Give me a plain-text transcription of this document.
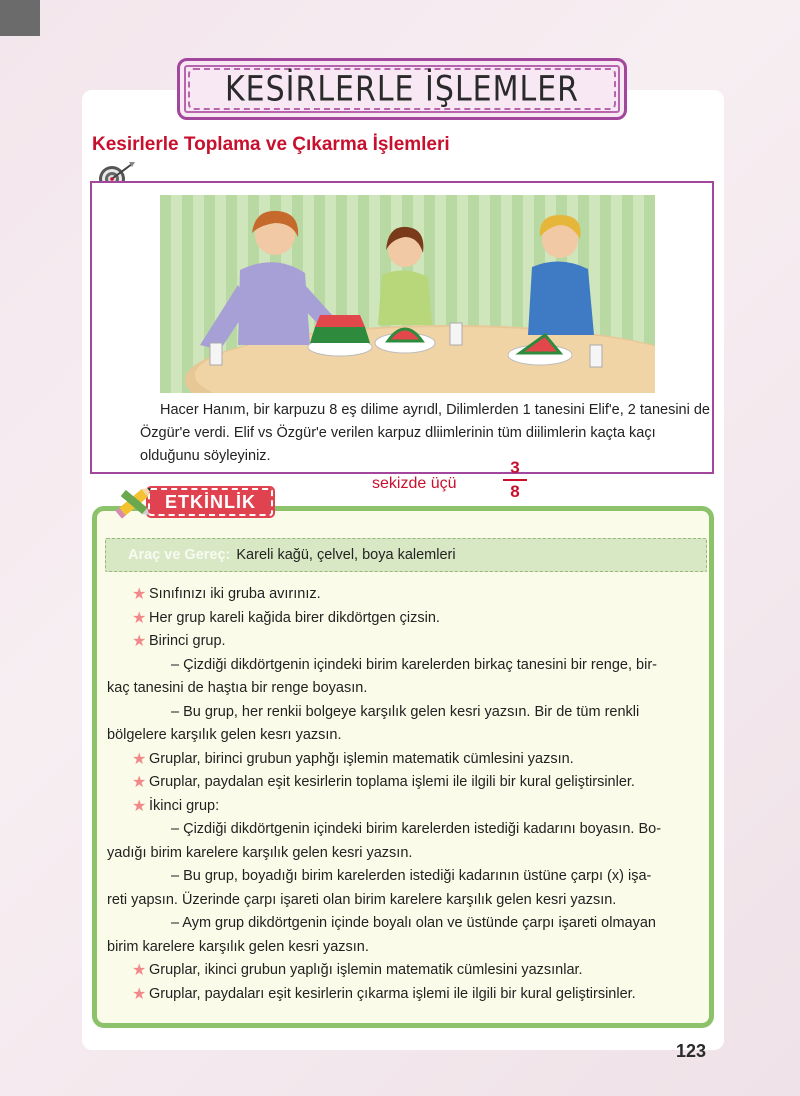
KESİRLERLE İŞLEMLER
Kesirlerle Toplama ve Çıkarma İşlemleri
Hacer Hanım, bir karpuzu 8 eş dilime ayrıdl, Dilimlerden 1 tanesini Elif'e, 2 tanesini de Özgür'e verdi. Elif vs Özgür'e verilen karpuz dliimlerinin tüm diilimlerin kaçta kaçı olduğunu söyleyiniz.
sekizde üçü
3
8
Araç ve Gereç: Kareli kağü, çelvel, boya kalemleri
★ Sınıfınızı iki gruba avırınız.
★ Her grup kareli kağida birer dikdörtgen çizsin.
★ Birinci grup.
– Çizdiği dikdörtgenin içindeki birim karelerden birkaç tanesini bir renge, bir-
kaç tanesini de haştıa bir renge boyasın.
– Bu grup, her renkii bolgeye karşılık gelen kesri yazsın. Bir de tüm renkli
bölgelere karşılık gelen kesrı yazsın.
★ Gruplar, birinci grubun yaphğı işlemin matematik cümlesini yazsın.
★ Gruplar, paydalan eşit kesirlerin toplama işlemi ile ilgili bir kural geliştirsinler.
★ İkinci grup:
– Çizdiği dikdörtgenin içindeki birim karelerden istediği kadarını boyasın. Bo-
yadığı birim karelere karşılık gelen kesri yazsın.
– Bu grup, boyadığı birim karelerden istediği kadarının üstüne çarpı (x) işa-
reti yapsın. Üzerinde çarpı işareti olan birim karelere karşılık gelen kesri yazsın.
– Aym grup dikdörtgenin içinde boyalı olan ve üstünde çarpı işareti olmayan
birim karelere karşılık gelen kesri yazsın.
★ Gruplar, ikinci grubun yaplığı işlemin matematik cümlesini yazsınlar.
★ Gruplar, paydaları eşit kesirlerin çıkarma işlemi ile ilgili bir kural geliştirsinler.
ETKİNLİK
123
